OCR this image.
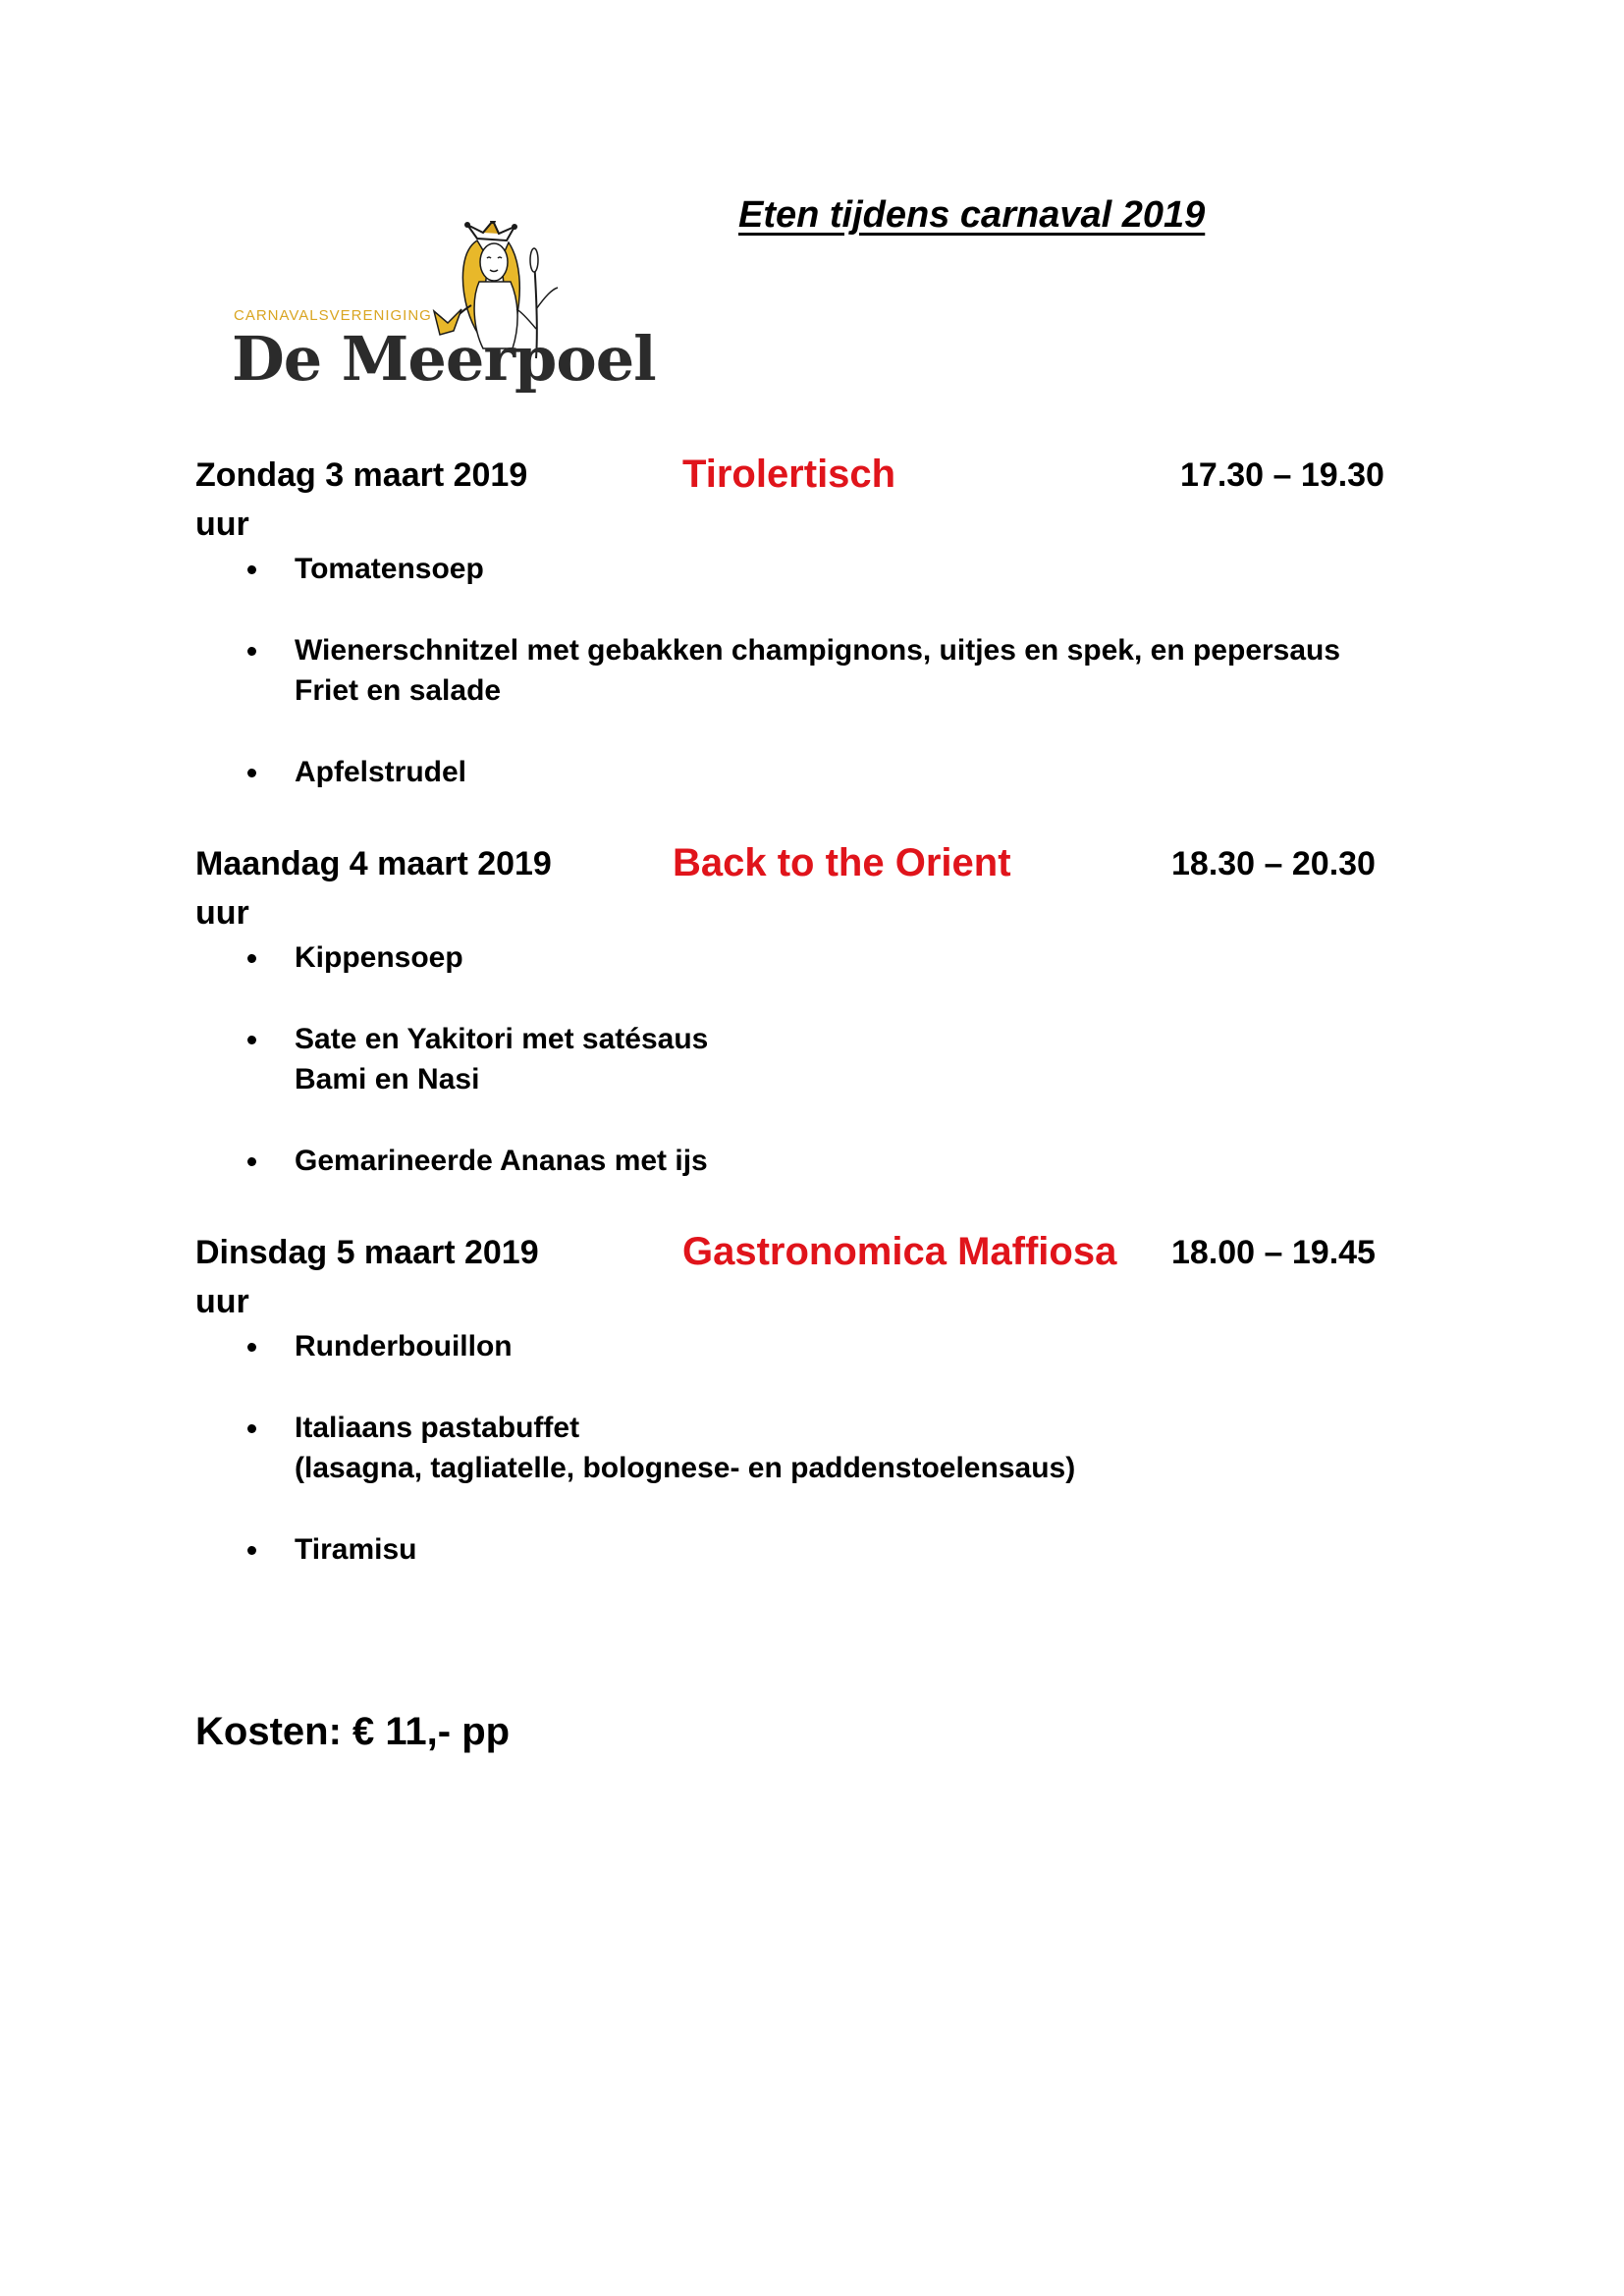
Eten tijdens carnaval 2019
CARNAVALSVERENIGING
De Meerpoel
Zondag 3 maart 2019	Tirolertisch	17.30 – 19.30
uur
Tomatensoep
Wienerschnitzel met gebakken champignons, uitjes en spek, en pepersaus
Friet en salade
Apfelstrudel
Maandag 4 maart 2019	Back to the Orient	18.30 – 20.30
uur
Kippensoep
Sate en Yakitori met satésaus
Bami en Nasi
Gemarineerde Ananas met ijs
Dinsdag 5 maart 2019	Gastronomica Maffiosa 18.00 – 19.45
uur
Runderbouillon
Italiaans pastabuffet
(lasagna, tagliatelle, bolognese- en paddenstoelensaus)
Tiramisu
Kosten: € 11,- pp
